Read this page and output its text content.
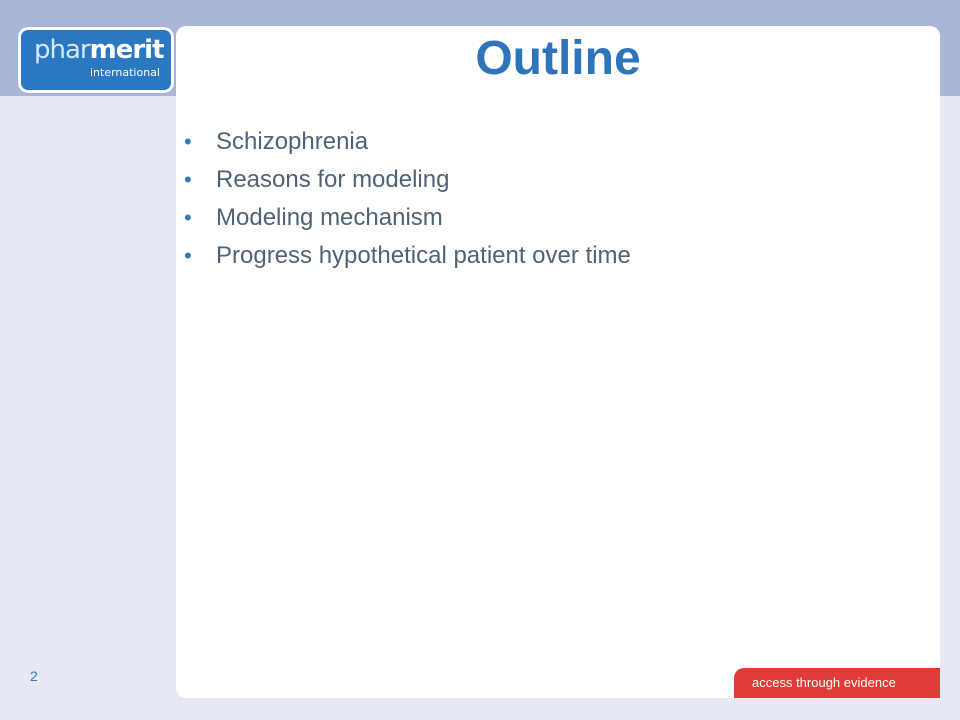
pharmerit
international	Outline
• Schizophrenia
• Reasons for modeling
• Modeling mechanism
• Progress hypothetical patient over time
2	access through evidence
